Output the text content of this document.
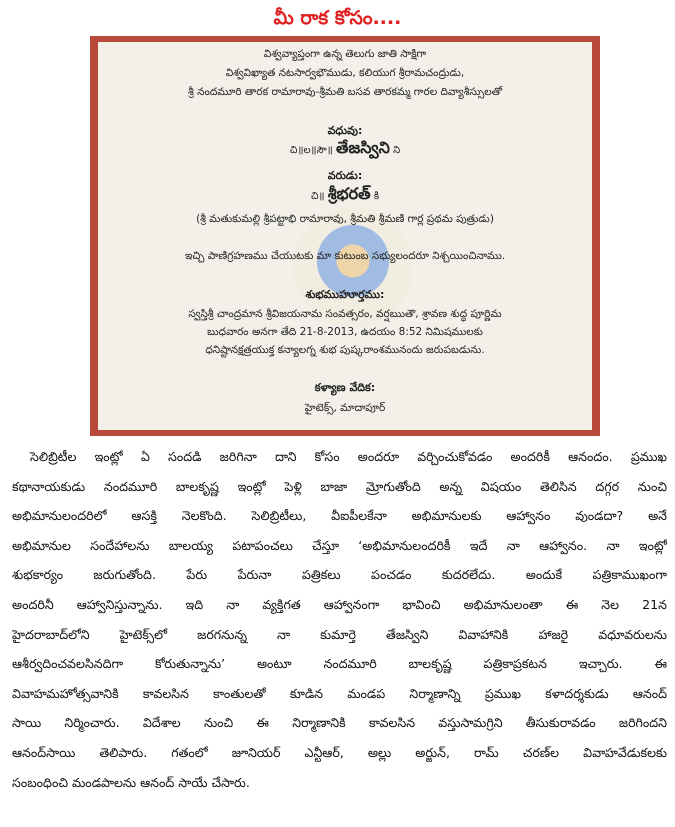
మీ రాక కోసం....
విశ్వవ్యాప్తంగా ఉన్న తెలుగు జాతి సాక్షిగా
విశ్వవిఖ్యాత నటసార్వభౌముడు, కలియుగ శ్రీరామచంద్రుడు,
శ్రీ నందమూరి తారక రామారావు-శ్రీమతి బసవ తారకమ్మ గారల దివ్యాశీస్సులతో
వధువు:
చి॥ల॥సౌ॥ తేజస్విని ని
వరుడు:
చి॥ శ్రీభరత్ కి
(శ్రీ మతుకుమల్లి శ్రీపట్టాభి రామారావు, శ్రీమతి శ్రీమణి గార్ల ప్రథమ పుత్రుడు)
ఇచ్చి పాణిగ్రహణము చేయుటకు మా కుటుంబ సభ్యులందరూ నిశ్చయించినాము.
శుభముహూర్తము:
స్వస్తిశ్రీ చాంద్రమాన శ్రీవిజయనామ సంవత్సరం, వర్షఋతౌ, శ్రావణ శుద్ధ పూర్ణిమ
బుధవారం అనగా తేది 21-8-2013, ఉదయం 8:52 నిమిషములకు
ధనిష్టానక్షత్రయుక్త కన్యాలగ్న శుభ పుష్కరాంశమునందు జరుపబడును.
కళ్యాణ వేదిక:
హైటెక్స్, మాదాపూర్
సెలిబ్రిటీల ఇంట్లో ఏ సందడి జరిగినా దాని కోసం అందరూ వర్చించుకోవడం అందరికీ ఆనందం. ప్రముఖ
కథానాయకుడు నందమూరి బాలకృష్ణ ఇంట్లో పెళ్లి బాజా మ్రోగుతోంది అన్న విషయం తెలిసిన దగ్గర నుంచి
అభిమానులందరిలో ఆసక్తి నెలకొంది. సెలిబ్రిటీలు, వీఐపీలకేనా అభిమానులకు ఆహ్వానం వుండదా? అనే
అభిమానుల సందేహాలను బాలయ్య పటాపంచలు చేస్తూ ‘అభిమానులందరికీ ఇదే నా ఆహ్వానం. నా ఇంట్లో
శుభకార్యం జరుగుతోంది. పేరు పేరునా పత్రికలు పంచడం కుదరలేదు. అందుకే పత్రికాముఖంగా
అందరినీ ఆహ్వానిస్తున్నాను. ఇది నా వ్యక్తిగత ఆహ్వానంగా భావించి అభిమానులంతా ఈ నెల 21న
హైదరాబాద్‌లోని హైటెక్స్‌లో జరగనున్న నా కుమార్తె తేజస్విని వివాహానికి హాజరై వధూవరులను
ఆశీర్వదించవలసినదిగా కోరుతున్నాను’ అంటూ నందమూరి బాలకృష్ణ పత్రికాప్రకటన ఇచ్చారు. ఈ
వివాహమహోత్సవానికి కావలసిన కాంతులతో కూడిన మండప నిర్మాణాన్ని ప్రముఖ కళాదర్శకుడు ఆనంద్
సాయి నిర్మించారు. విదేశాల నుంచి ఈ నిర్మాణానికి కావలసిన వస్తుసామగ్రిని తీసుకురావడం జరిగిందని
ఆనంద్‌సాయి తెలిపారు. గతంలో జూనియర్ ఎన్టీఆర్, అల్లు అర్జున్, రామ్ చరణ్‌ల వివాహవేడుకలకు
సంబంధించి మండపాలను ఆనంద్ సాయే చేసారు.
